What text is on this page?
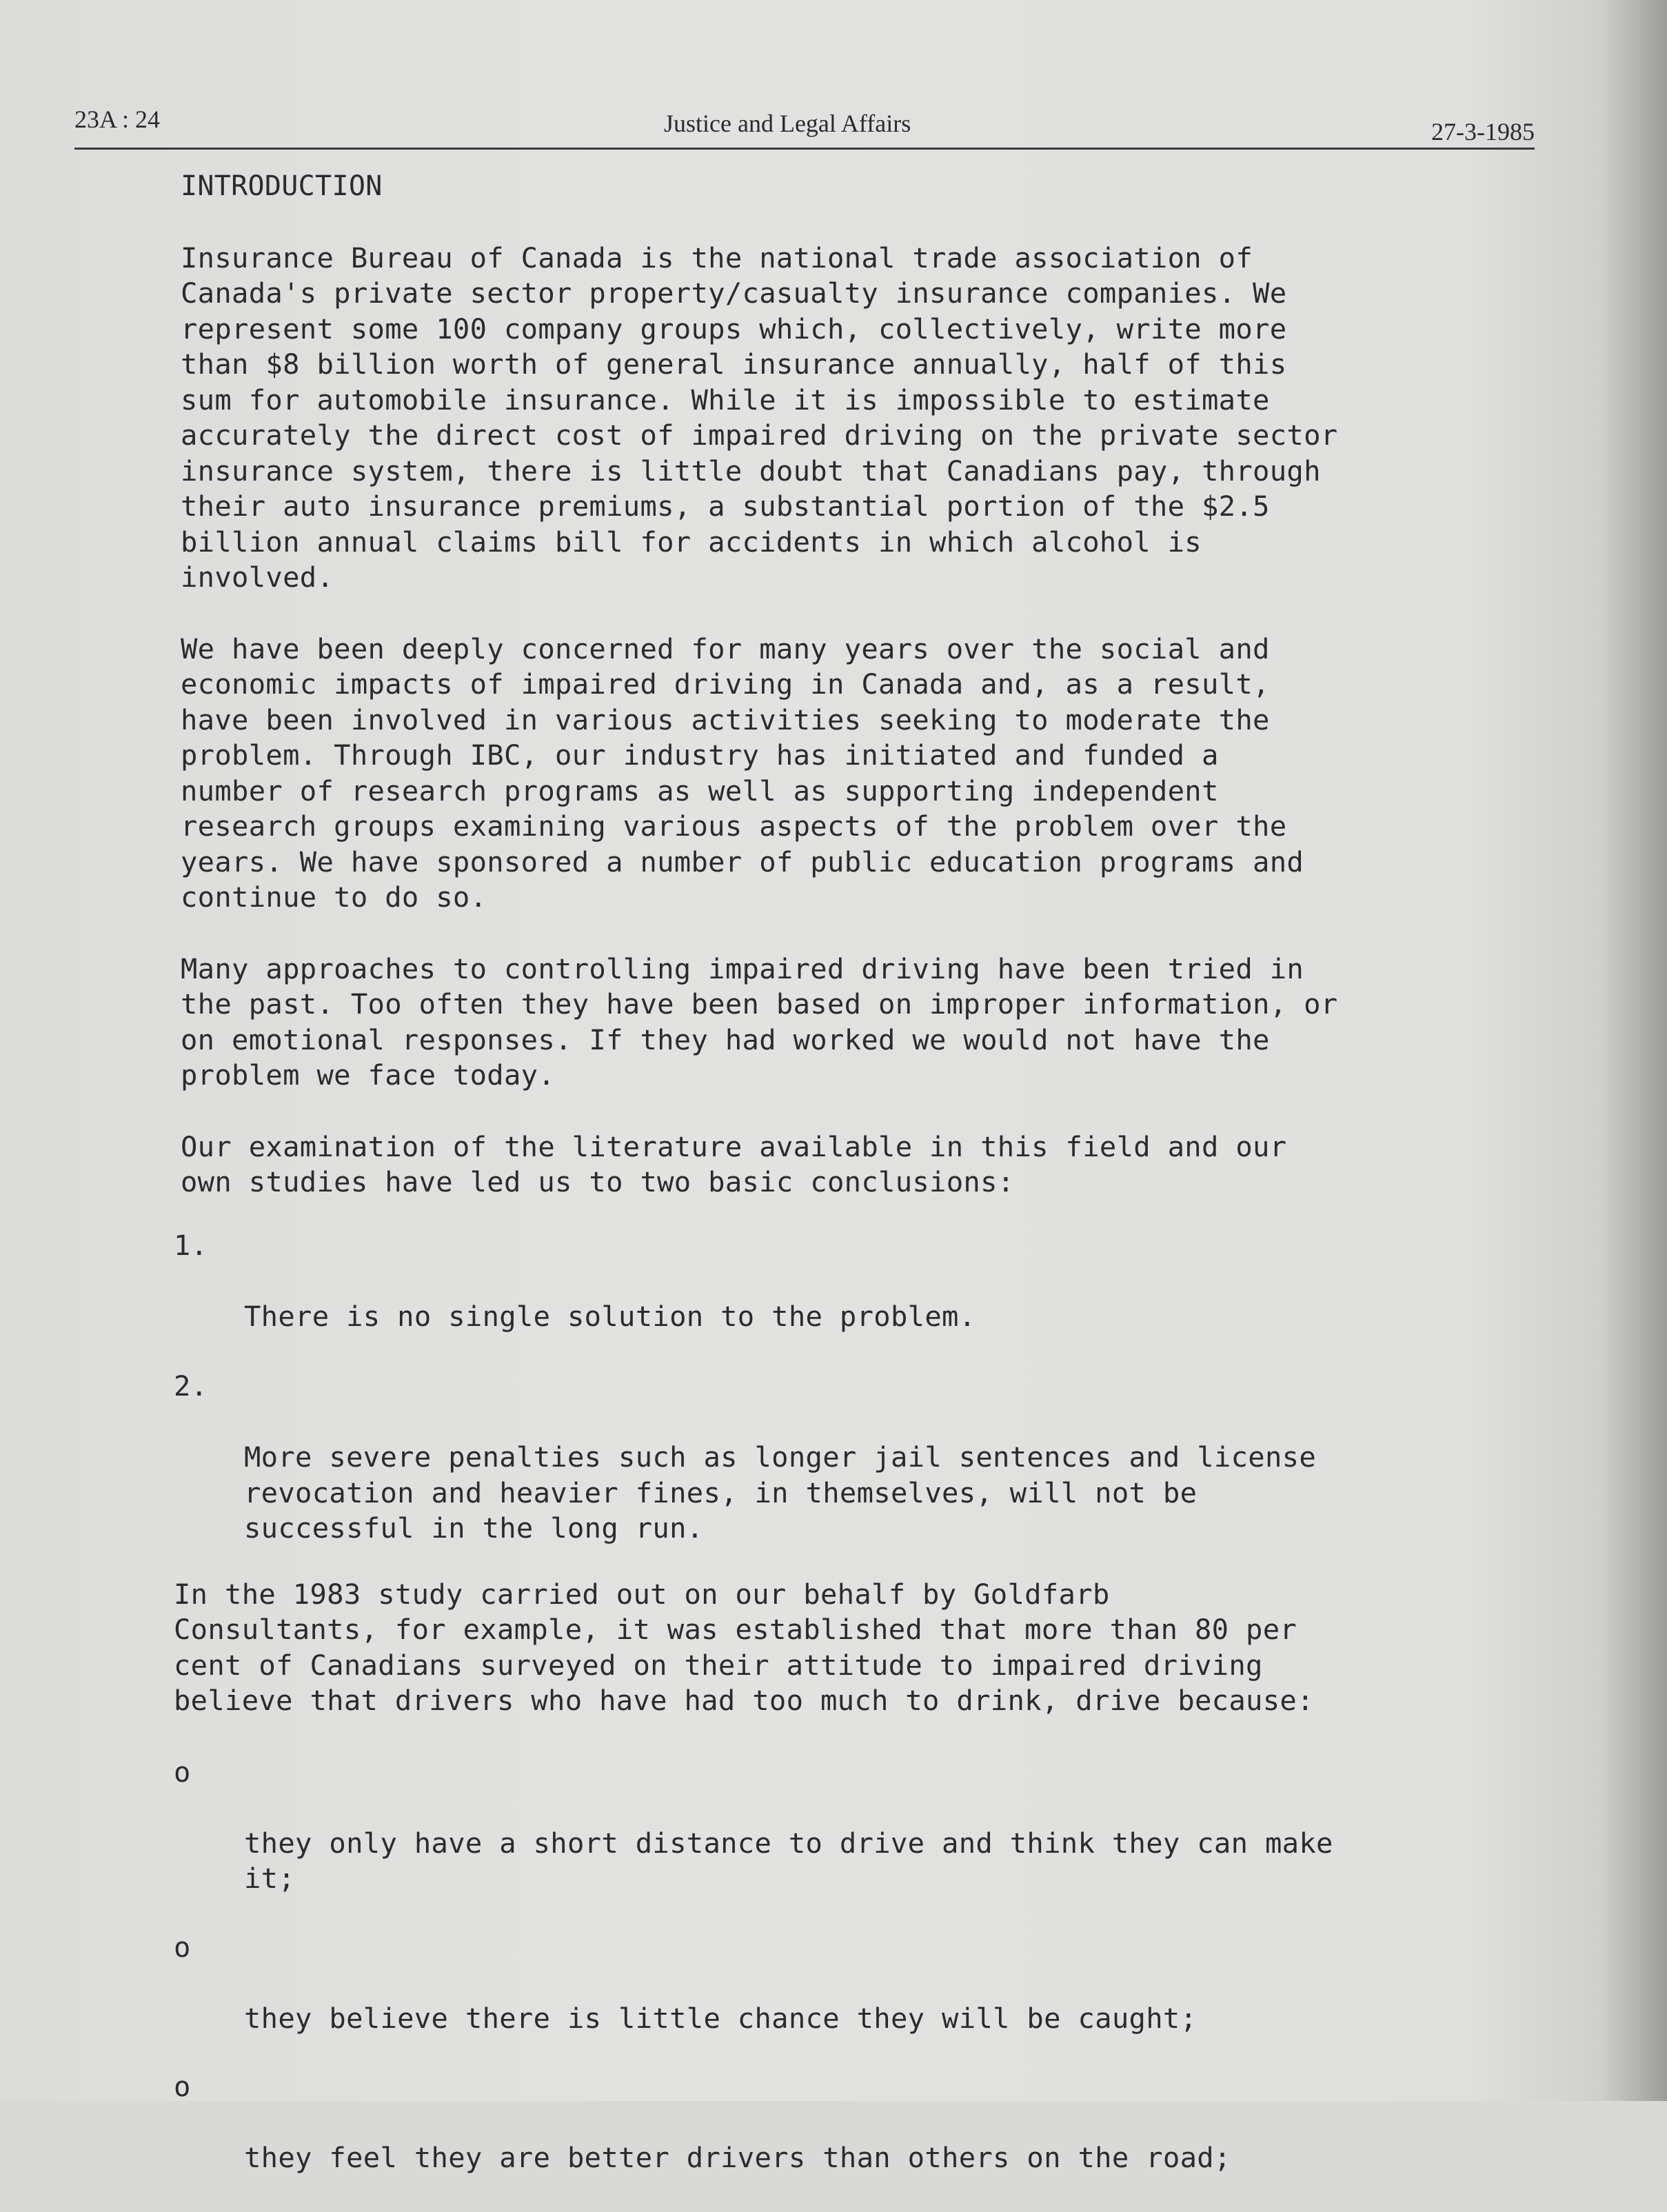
23A : 24	Justice and Legal Affairs	27-3-1985
INTRODUCTION
Insurance Bureau of Canada is the national trade association of
Canada's private sector property/casualty insurance companies. We
represent some 100 company groups which, collectively, write more
than $8 billion worth of general insurance annually, half of this
sum for automobile insurance. While it is impossible to estimate
accurately the direct cost of impaired driving on the private sector
insurance system, there is little doubt that Canadians pay, through
their auto insurance premiums, a substantial portion of the $2.5
billion annual claims bill for accidents in which alcohol is
involved.
We have been deeply concerned for many years over the social and
economic impacts of impaired driving in Canada and, as a result,
have been involved in various activities seeking to moderate the
problem. Through IBC, our industry has initiated and funded a
number of research programs as well as supporting independent
research groups examining various aspects of the problem over the
years. We have sponsored a number of public education programs and
continue to do so.
Many approaches to controlling impaired driving have been tried in
the past. Too often they have been based on improper information, or
on emotional responses. If they had worked we would not have the
problem we face today.
Our examination of the literature available in this field and our
own studies have led us to two basic conclusions:

1.

There is no single solution to the problem.

2.

More severe penalties such as longer jail sentences and license
revocation and heavier fines, in themselves, will not be
successful in the long run.

In the 1983 study carried out on our behalf by Goldfarb
Consultants, for example, it was established that more than 80 per
cent of Canadians surveyed on their attitude to impaired driving
believe that drivers who have had too much to drink, drive because:

o

they only have a short distance to drive and think they can make
it;

o

they believe there is little chance they will be caught;

o

they feel they are better drivers than others on the road;
